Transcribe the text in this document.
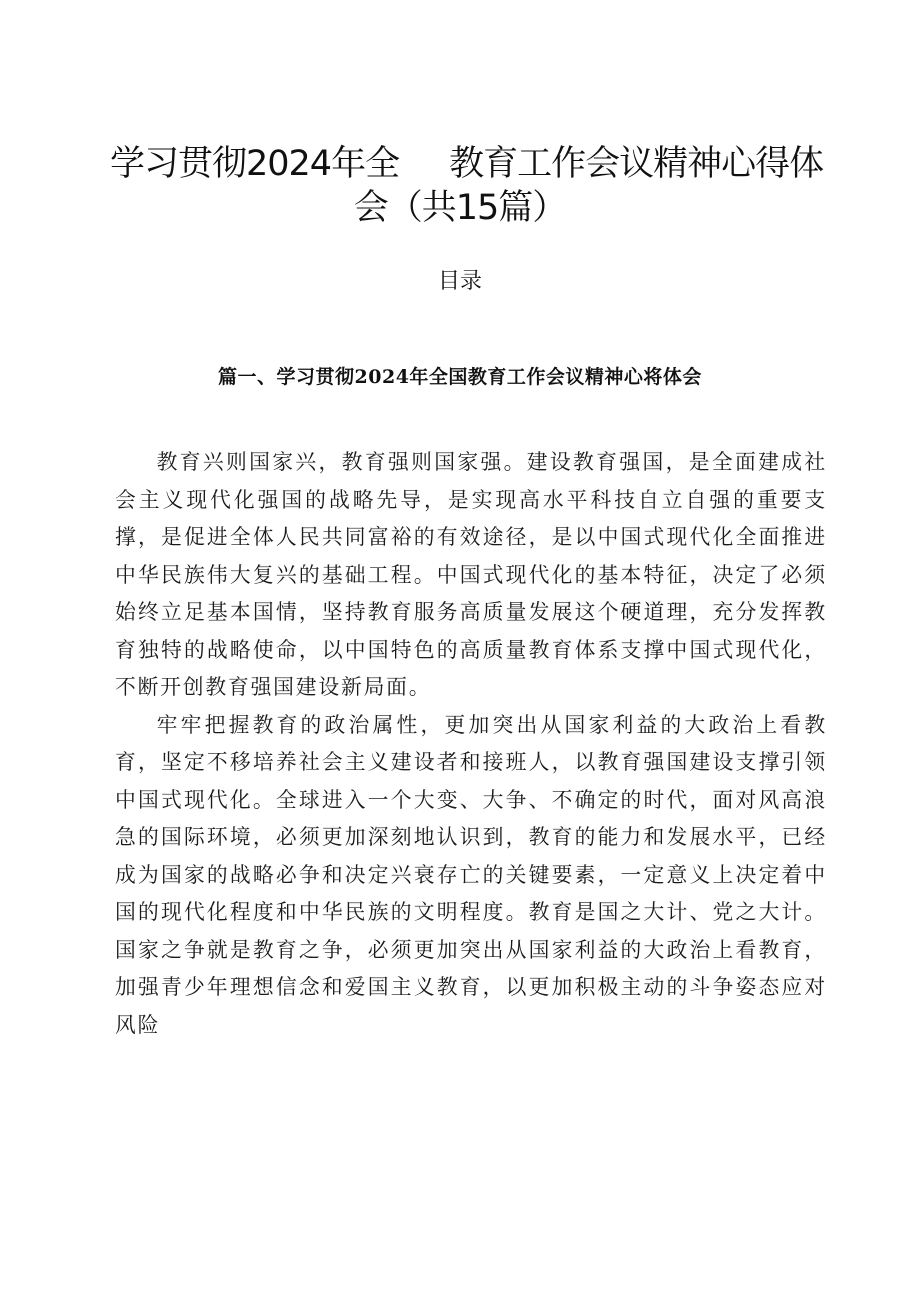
学习贯彻2024年全 教育工作会议精神心得体
会（共15篇）
目录
篇一、学习贯彻2024年全国教育工作会议精神心将体会

教育兴则国家兴，教育强则国家强。建设教育强国，是全面建成社会主义现代化强国的战略先导，是实现高水平科技自立自强的重要支撑，是促进全体人民共同富裕的有效途径，是以中国式现代化全面推进中华民族伟大复兴的基础工程。中国式现代化的基本特征，决定了必须始终立足基本国情，坚持教育服务高质量发展这个硬道理，充分发挥教育独特的战略使命，以中国特色的高质量教育体系支撑中国式现代化，不断开创教育强国建设新局面。

牢牢把握教育的政治属性，更加突出从国家利益的大政治上看教育，坚定不移培养社会主义建设者和接班人，以教育强国建设支撑引领中国式现代化。全球进入一个大变、大争、不确定的时代，面对风高浪急的国际环境，必须更加深刻地认识到，教育的能力和发展水平，已经成为国家的战略必争和决定兴衰存亡的关键要素，一定意义上决定着中国的现代化程度和中华民族的文明程度。教育是国之大计、党之大计。国家之争就是教育之争，必须更加突出从国家利益的大政治上看教育，加强青少年理想信念和爱国主义教育，以更加积极主动的斗争姿态应对风险
